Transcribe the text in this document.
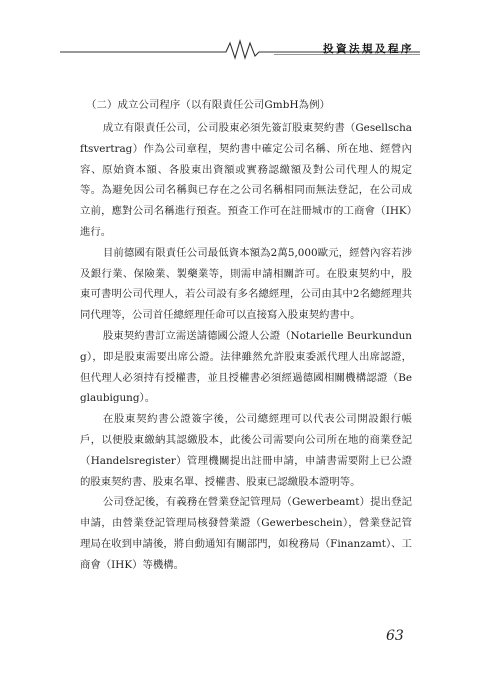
投資法規及程序
（二）成立公司程序（以有限責任公司GmbH為例）

成立有限責任公司，公司股東必須先簽訂股東契約書（Gesellschaftsvertrag）作為公司章程，契約書中確定公司名稱、所在地、經營內容、原始資本額、各股東出資額或實務認繳額及對公司代理人的規定等。為避免因公司名稱與已存在之公司名稱相同而無法登記，在公司成立前，應對公司名稱進行預查。預查工作可在註冊城市的工商會（IHK）進行。

目前德國有限責任公司最低資本額為2萬5,000歐元，經營內容若涉及銀行業、保險業、製藥業等，則需申請相關許可。在股東契約中，股東可書明公司代理人，若公司設有多名總經理，公司由其中2名總經理共同代理等，公司首任總經理任命可以直接寫入股東契約書中。

股東契約書訂立需送請德國公證人公證（Notarielle Beurkundung），即是股東需要出席公證。法律雖然允許股東委派代理人出席認證，但代理人必須持有授權書，並且授權書必須經過德國相關機構認證（Beglaubigung）。

在股東契約書公證簽字後，公司總經理可以代表公司開設銀行帳戶，以便股東繳納其認繳股本，此後公司需要向公司所在地的商業登記（Handelsregister）管理機關提出註冊申請，申請書需要附上已公證的股東契約書、股東名單、授權書、股東已認繳股本證明等。

公司登記後，有義務在營業登記管理局（Gewerbeamt）提出登記申請，由營業登記管理局核發營業證（Gewerbeschein），營業登記管理局在收到申請後，將自動通知有關部門，如稅務局（Finanzamt）、工商會（IHK）等機構。

63
